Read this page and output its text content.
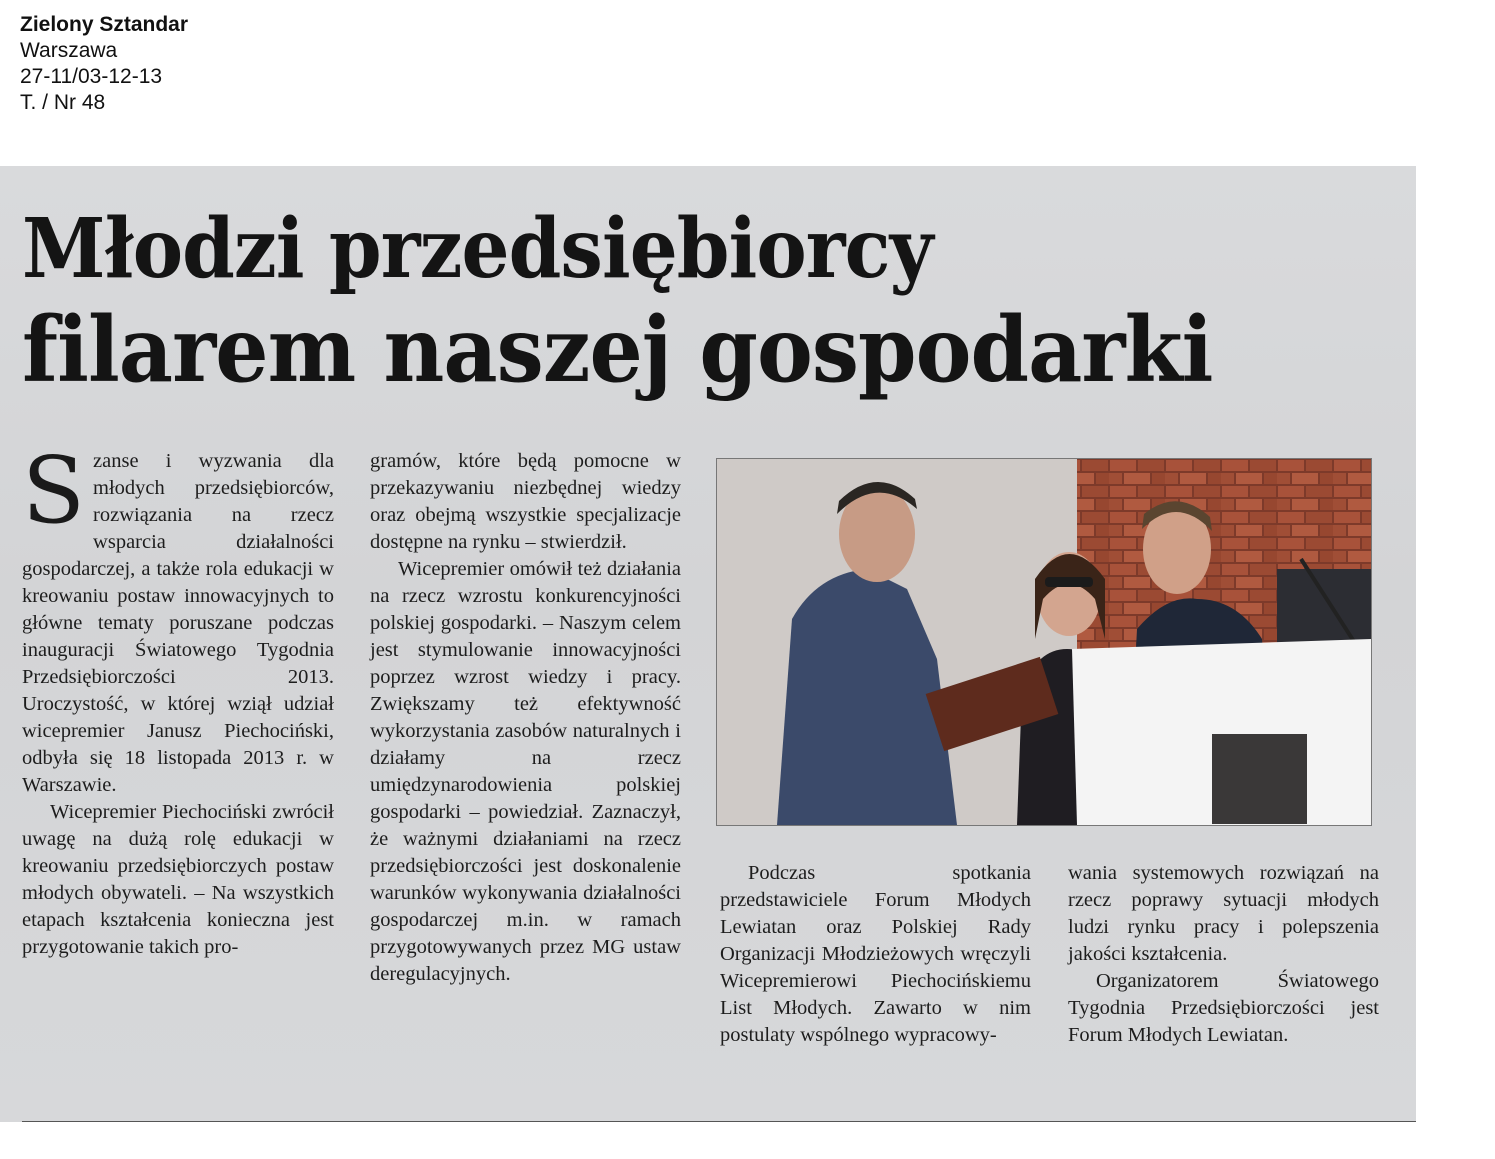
Zielony Sztandar
Warszawa
27-11/03-12-13
T. / Nr 48

Młodzi przedsiębiorcy
filarem naszej gospodarki

Szanse i wyzwania dla młodych przedsiębiorców, rozwiązania na rzecz wsparcia działalności gospodarczej, a także rola edukacji w kreowaniu postaw innowacyjnych to główne tematy poruszane podczas inauguracji Światowego Tygodnia Przedsiębiorczości 2013. Uroczystość, w której wziął udział wicepremier Janusz Piechociński, odbyła się 18 listopada 2013 r. w Warszawie.

Wicepremier Piechociński zwrócił uwagę na dużą rolę edukacji w kreowaniu przedsiębiorczych postaw młodych obywateli. – Na wszystkich etapach kształcenia konieczna jest przygotowanie takich pro-

gramów, które będą pomocne w przekazywaniu niezbędnej wiedzy oraz obejmą wszystkie specjalizacje dostępne na rynku – stwierdził.

Wicepremier omówił też działania na rzecz wzrostu konkurencyjności polskiej gospodarki. – Naszym celem jest stymulowanie innowacyjności poprzez wzrost wiedzy i pracy. Zwiększamy też efektywność wykorzystania zasobów naturalnych i działamy na rzecz umiędzynarodowienia polskiej gospodarki – powiedział. Zaznaczył, że ważnymi działaniami na rzecz przedsiębiorczości jest doskonalenie warunków wykonywania działalności gospodarczej m.in. w ramach przygotowywanych przez MG ustaw deregulacyjnych.

Podczas spotkania przedstawiciele Forum Młodych Lewiatan oraz Polskiej Rady Organizacji Młodzieżowych wręczyli Wicepremierowi Piechocińskiemu List Młodych. Zawarto w nim postulaty wspólnego wypracowy-

wania systemowych rozwiązań na rzecz poprawy sytuacji młodych ludzi rynku pracy i polepszenia jakości kształcenia.

Organizatorem Światowego Tygodnia Przedsiębiorczości jest Forum Młodych Lewiatan.
